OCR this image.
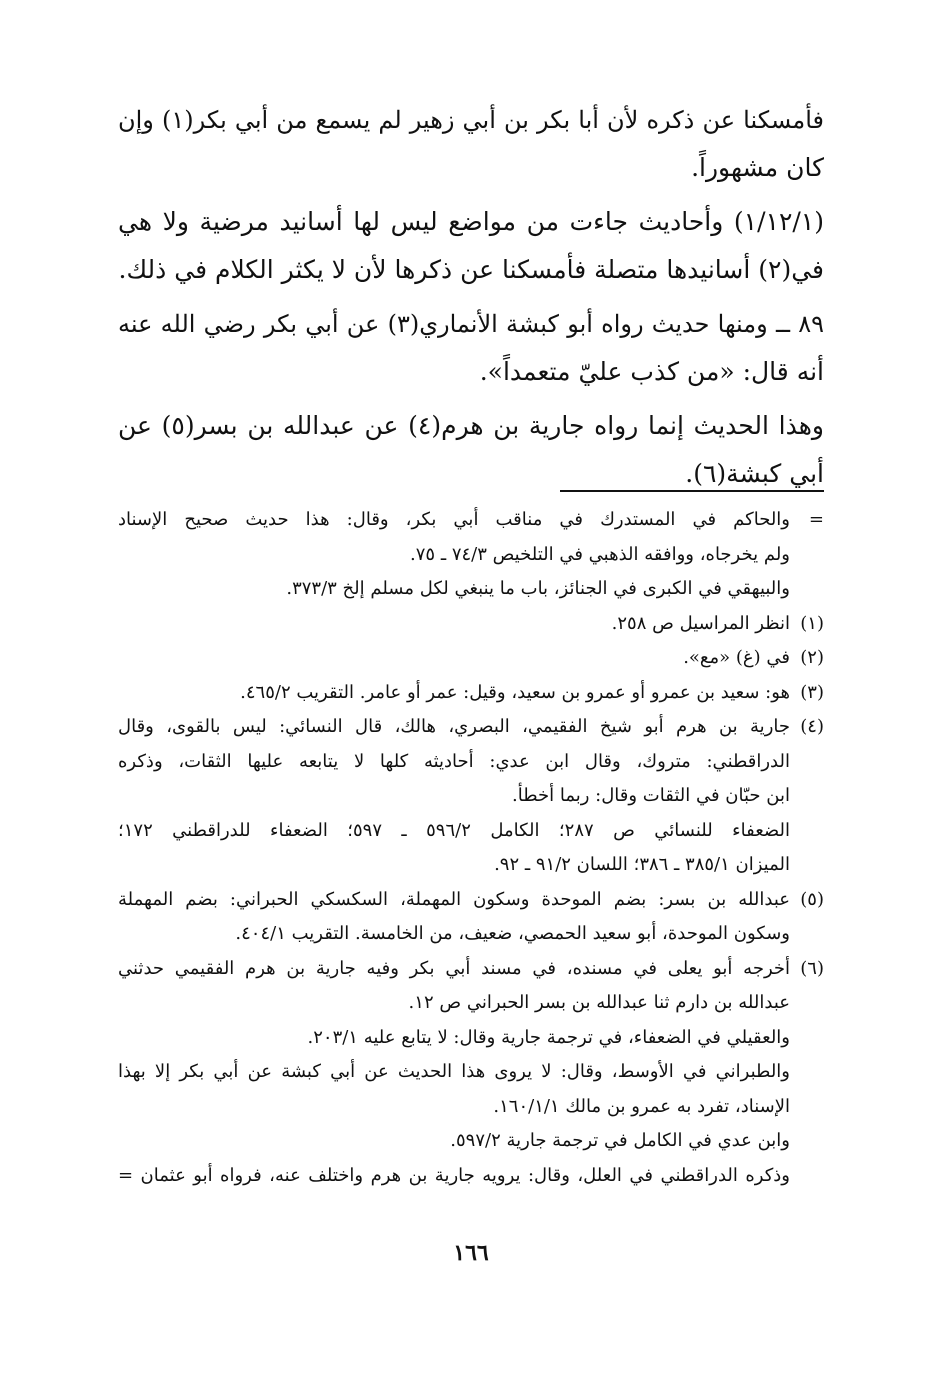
فأمسكنا عن ذكره لأن أبا بكر بن أبي زهير لم يسمع من أبي بكر(١) وإن
كان مشهوراً.
(١/١٢/١) وأحاديث جاءت من مواضع ليس لها أسانيد مرضية ولا هي
في(٢) أسانيدها متصلة فأمسكنا عن ذكرها لأن لا يكثر الكلام في ذلك.
٨٩ ــ ومنها حديث رواه أبو كبشة الأنماري(٣) عن أبي بكر رضي الله عنه
أنه قال: «من كذب عليّ متعمداً».
وهذا الحديث إنما رواه جارية بن هرم(٤) عن عبدالله بن بسر(٥) عن
أبي كبشة(٦).
=
والحاكم في المستدرك في مناقب أبي بكر، وقال: هذا حديث صحيح الإسناد
ولم يخرجاه، ووافقه الذهبي في التلخيص ٧٤/٣ ـ ٧٥.
والبيهقي في الكبرى في الجنائز، باب ما ينبغي لكل مسلم إلخ ٣٧٣/٣.
(١)
انظر المراسيل ص ٢٥٨.
(٢)
في (غ) «مع».
(٣)
هو: سعيد بن عمرو أو عمرو بن سعيد، وقيل: عمر أو عامر. التقريب ٤٦٥/٢.
(٤)
جارية بن هرم أبو شيخ الفقيمي، البصري، هالك، قال النسائي: ليس بالقوى، وقال
الدراقطني: متروك، وقال ابن عدي: أحاديثه كلها لا يتابعه عليها الثقات، وذكره
ابن حبّان في الثقات وقال: ربما أخطأ.
الضعفاء للنسائي ص ٢٨٧؛ الكامل ٥٩٦/٢ ـ ٥٩٧؛ الضعفاء للدراقطني ١٧٢؛
الميزان ٣٨٥/١ ـ ٣٨٦؛ اللسان ٩١/٢ ـ ٩٢.
(٥)
عبدالله بن بسر: بضم الموحدة وسكون المهملة، السكسكي الحبراني: بضم المهملة
وسكون الموحدة، أبو سعيد الحمصي، ضعيف، من الخامسة. التقريب ٤٠٤/١.
(٦)
أخرجه أبو يعلى في مسنده، في مسند أبي بكر وفيه جارية بن هرم الفقيمي حدثني
عبدالله بن دارم ثنا عبدالله بن بسر الحبراني ص ١٢.
والعقيلي في الضعفاء، في ترجمة جارية وقال: لا يتابع عليه ٢٠٣/١.
والطبراني في الأوسط، وقال: لا يروى هذا الحديث عن أبي كبشة عن أبي بكر إلا بهذا
الإسناد، تفرد به عمرو بن مالك ١٦٠/١/١.
وابن عدي في الكامل في ترجمة جارية ٥٩٧/٢.
وذكره الدراقطني في العلل، وقال: يرويه جارية بن هرم واختلف عنه، فرواه أبو عثمان =
١٦٦
